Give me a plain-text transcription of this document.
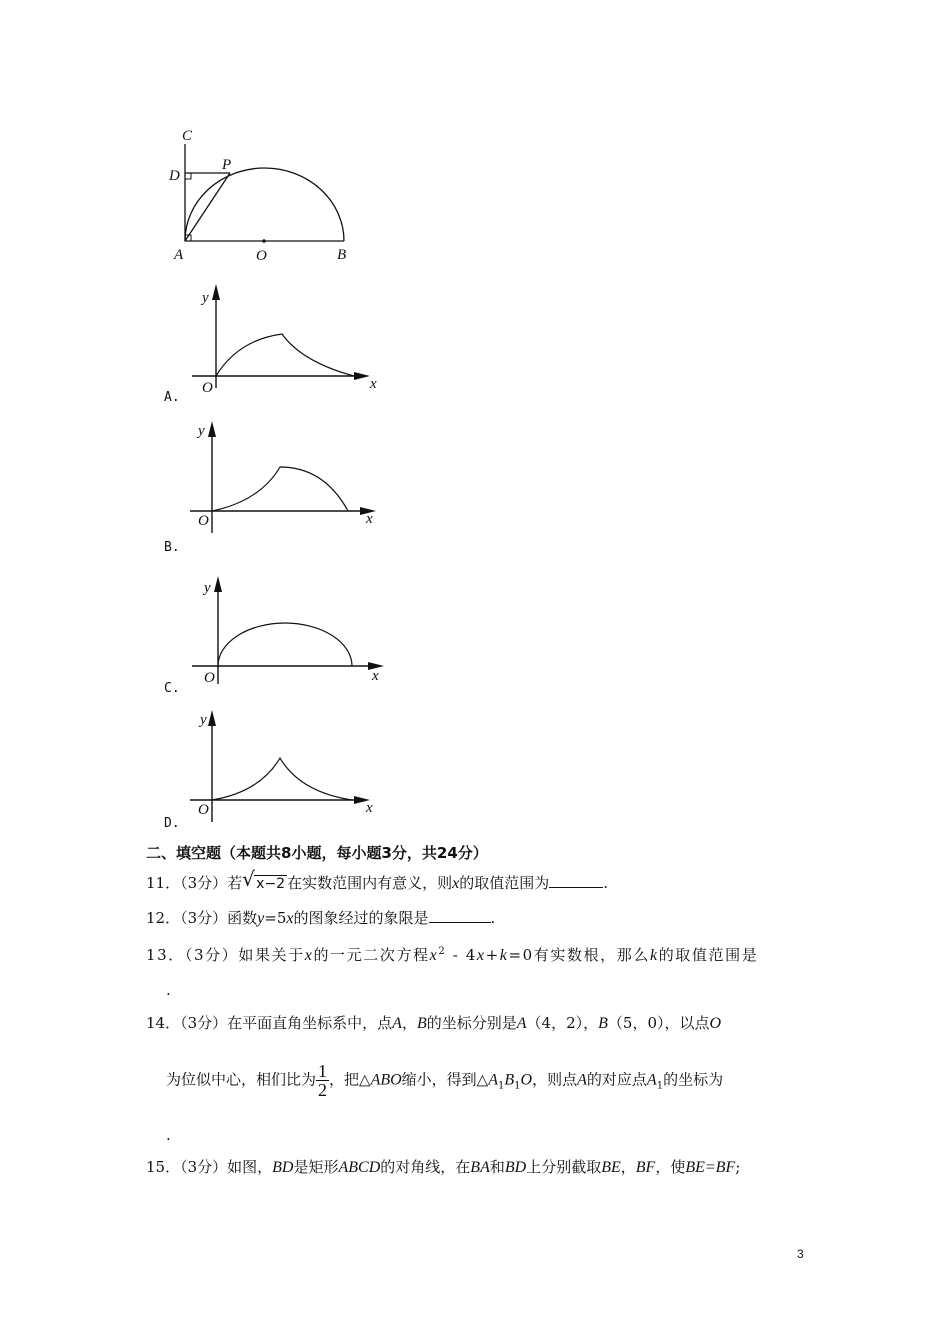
C
D
P
A	O	B
y
x
O
A.
y
x
O
B.
y
x
O
C.
y
x
O
D.
二、填空题（本题共8小题，每小题3分，共24分）
11．（3分）若 √ x−2 在实数范围内有意义，则x的取值范围为	.
12．（3分）函数y=5x的图象经过的象限是	.
13．（3分）如果关于x的一元二次方程$x^2 - 4x+k=0$有实数根，那么k的取值范围是
.
14．（3分）在平面直角坐标系中，点A，B的坐标分别是A（4，2），B（5，0），以点O
为位似中心，相们比为 $\frac{1}{2}$ ，把△ABO缩小，得到$\triangle A_1B_1O$，则点A的对应点$A_1$的坐标为
.
15．（3分）如图，BD是矩形ABCD的对角线，在BA和BD上分别截取BE，BF，使BE=BF;
3
